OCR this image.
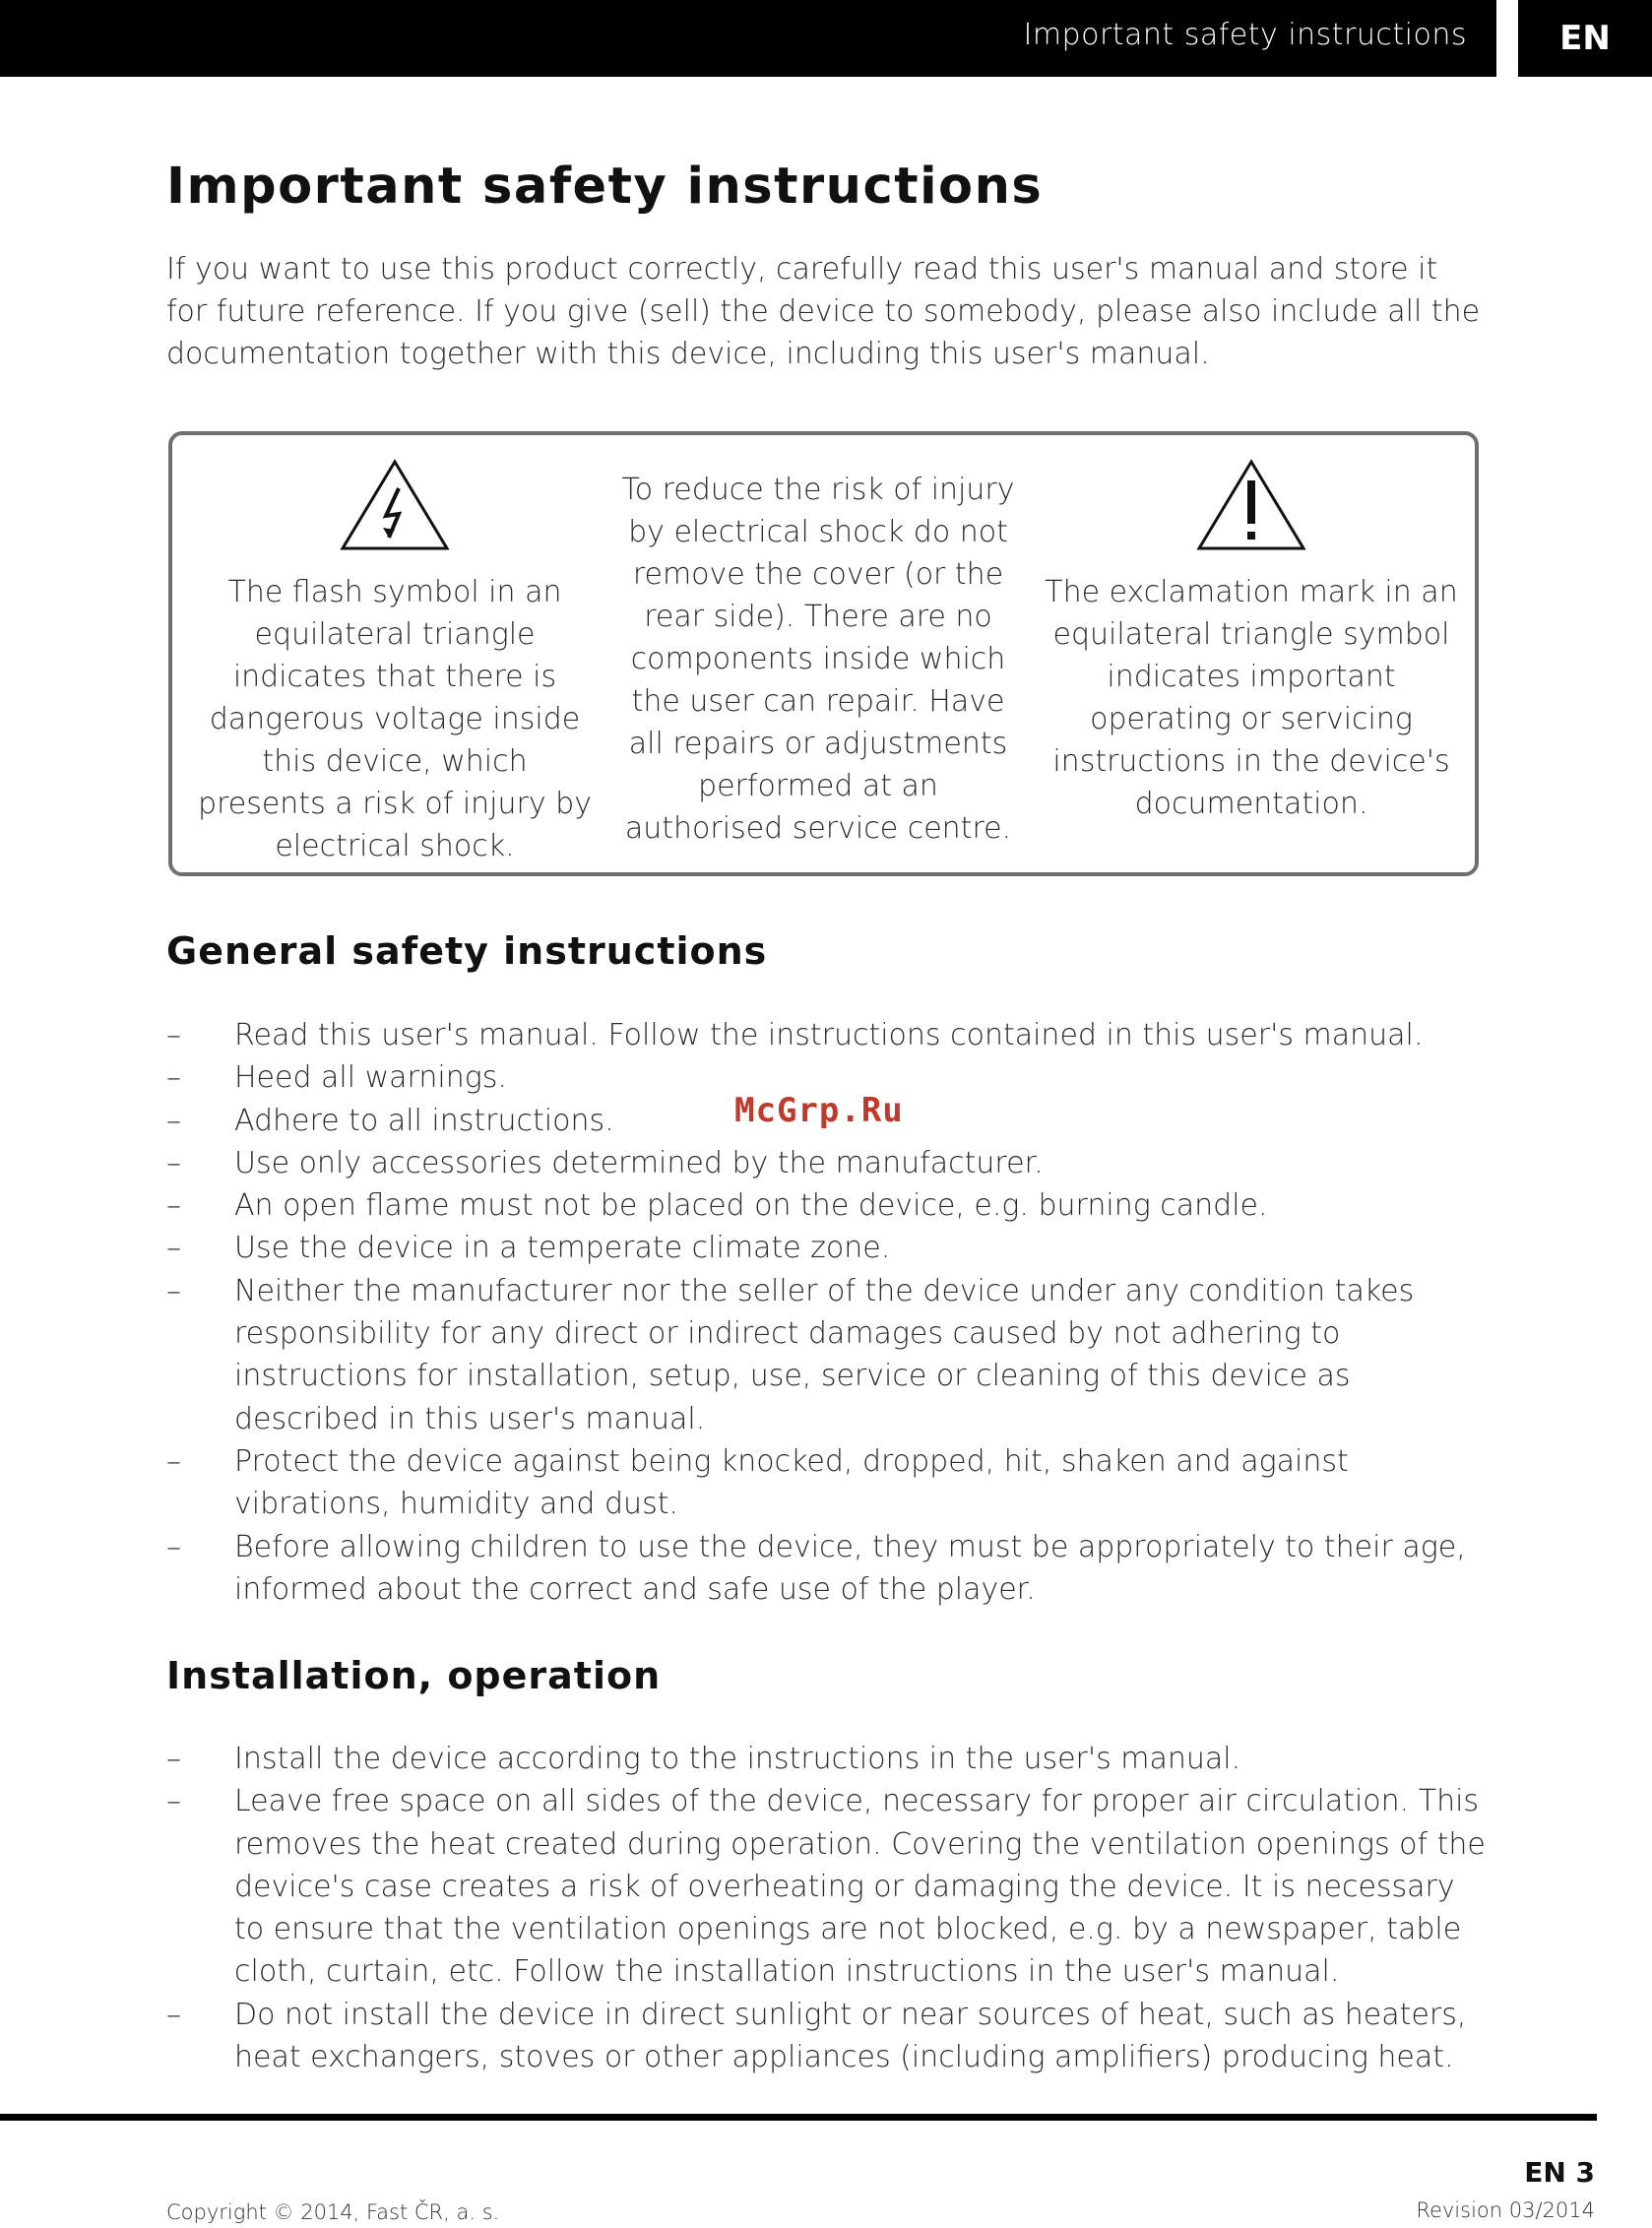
Important safety instructions	EN
Important safety instructions

If you want to use this product correctly, carefully read this user's manual and store it for future reference. If you give (sell) the device to somebody, please also include all the documentation together with this device, including this user's manual.

The flash symbol in an equilateral triangle indicates that there is dangerous voltage inside this device, which presents a risk of injury by electrical shock.
To reduce the risk of injury by electrical shock do not remove the cover (or the rear side). There are no components inside which the user can repair. Have all repairs or adjustments performed at an authorised service centre.
The exclamation mark in an equilateral triangle symbol indicates important operating or servicing instructions in the device's documentation.
General safety instructions
– Read this user's manual. Follow the instructions contained in this user's manual.
– Heed all warnings.
– Adhere to all instructions.
– Use only accessories determined by the manufacturer.
– An open flame must not be placed on the device, e.g. burning candle.
– Use the device in a temperate climate zone.
– Neither the manufacturer nor the seller of the device under any condition takes responsibility for any direct or indirect damages caused by not adhering to instructions for installation, setup, use, service or cleaning of this device as described in this user's manual.
– Protect the device against being knocked, dropped, hit, shaken and against vibrations, humidity and dust.
– Before allowing children to use the device, they must be appropriately to their age, informed about the correct and safe use of the player.
Installation, operation
– Install the device according to the instructions in the user's manual.
– Leave free space on all sides of the device, necessary for proper air circulation. This removes the heat created during operation. Covering the ventilation openings of the device's case creates a risk of overheating or damaging the device. It is necessary to ensure that the ventilation openings are not blocked, e.g. by a newspaper, table cloth, curtain, etc. Follow the installation instructions in the user's manual.
– Do not install the device in direct sunlight or near sources of heat, such as heaters, heat exchangers, stoves or other appliances (including amplifiers) producing heat.
McGrp.Ru
EN 3
Copyright © 2014, Fast ČR, a. s.	Revision 03/2014
